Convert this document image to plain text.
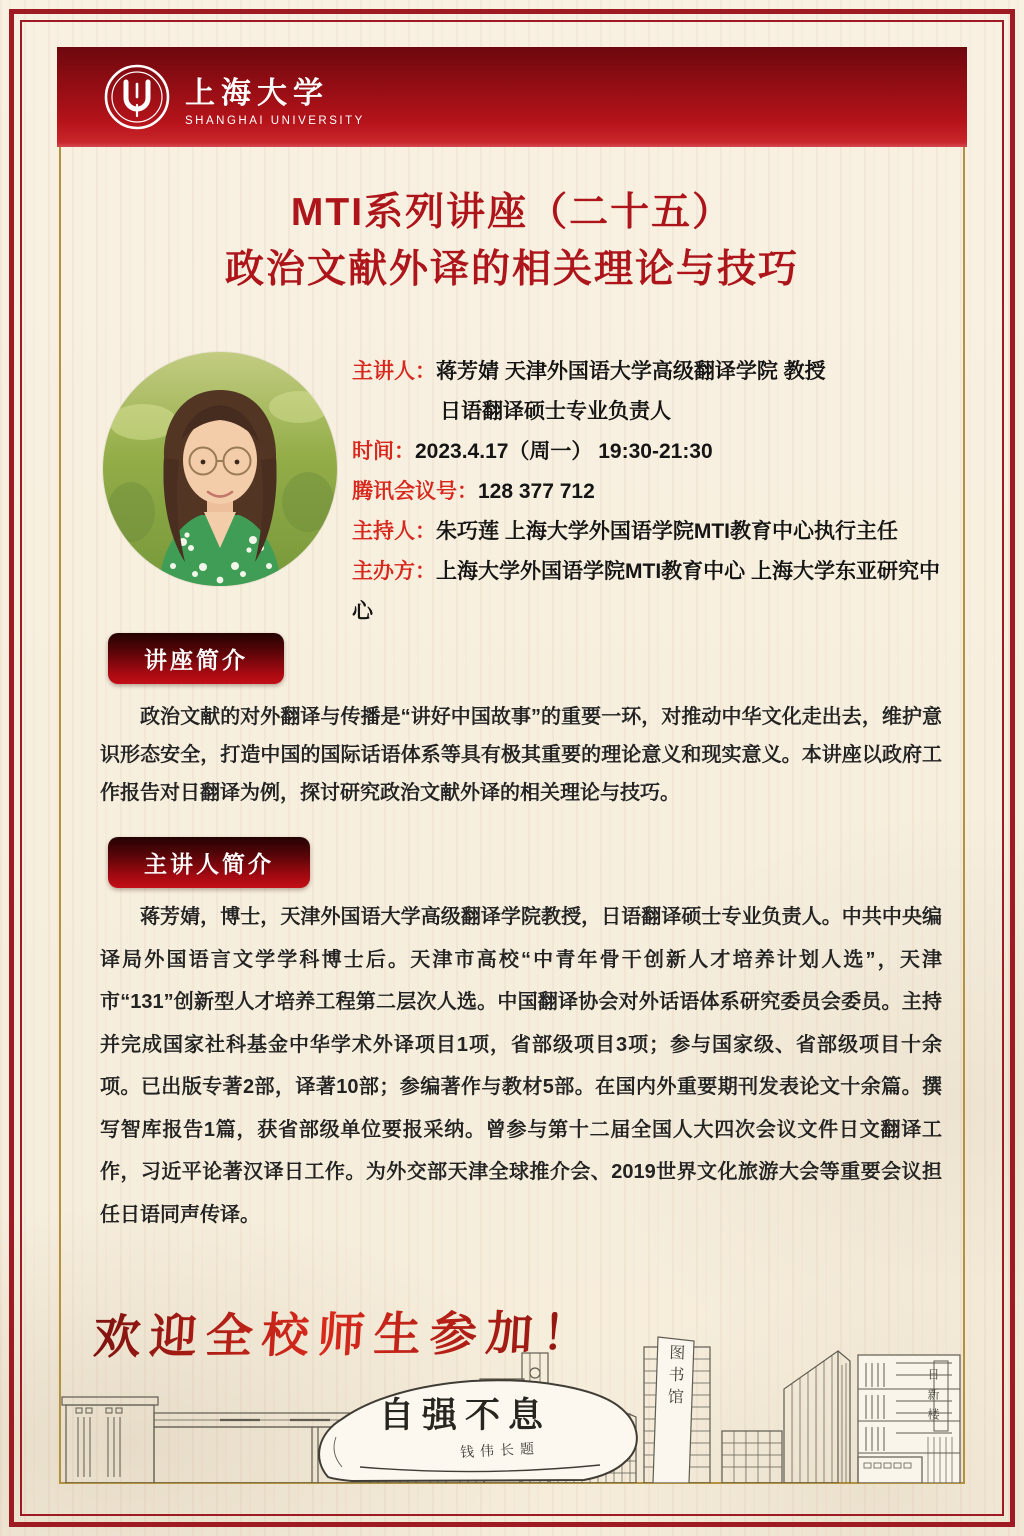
上海大学
SHANGHAI UNIVERSITY
MTI系列讲座（二十五）
政治文献外译的相关理论与技巧
主讲人：蒋芳婧 天津外国语大学高级翻译学院 教授
日语翻译硕士专业负责人
时间：2023.4.17（周一） 19:30-21:30
腾讯会议号：128 377 712
主持人：朱巧莲 上海大学外国语学院MTI教育中心执行主任
主办方：上海大学外国语学院MTI教育中心 上海大学东亚研究中心
讲座简介

政治文献的对外翻译与传播是“讲好中国故事”的重要一环，对推动中华文化走出去，维护意识形态安全，打造中国的国际话语体系等具有极其重要的理论意义和现实意义。本讲座以政府工作报告对日翻译为例，探讨研究政治文献外译的相关理论与技巧。

主讲人简介

蒋芳婧，博士，天津外国语大学高级翻译学院教授，日语翻译硕士专业负责人。中共中央编译局外国语言文学学科博士后。天津市高校“中青年骨干创新人才培养计划人选”，天津市“131”创新型人才培养工程第二层次人选。中国翻译协会对外话语体系研究委员会委员。主持并完成国家社科基金中华学术外译项目1项，省部级项目3项；参与国家级、省部级项目十余项。已出版专著2部，译著10部；参编著作与教材5部。在国内外重要期刊发表论文十余篇。撰写智库报告1篇，获省部级单位要报采纳。曾参与第十二届全国人大四次会议文件日文翻译工作，习近平论著汉译日工作。为外交部天津全球推介会、2019世界文化旅游大会等重要会议担任日语同声传译。

欢迎全校师生参加！
自强不息
钱伟长题
图书馆	日新楼
